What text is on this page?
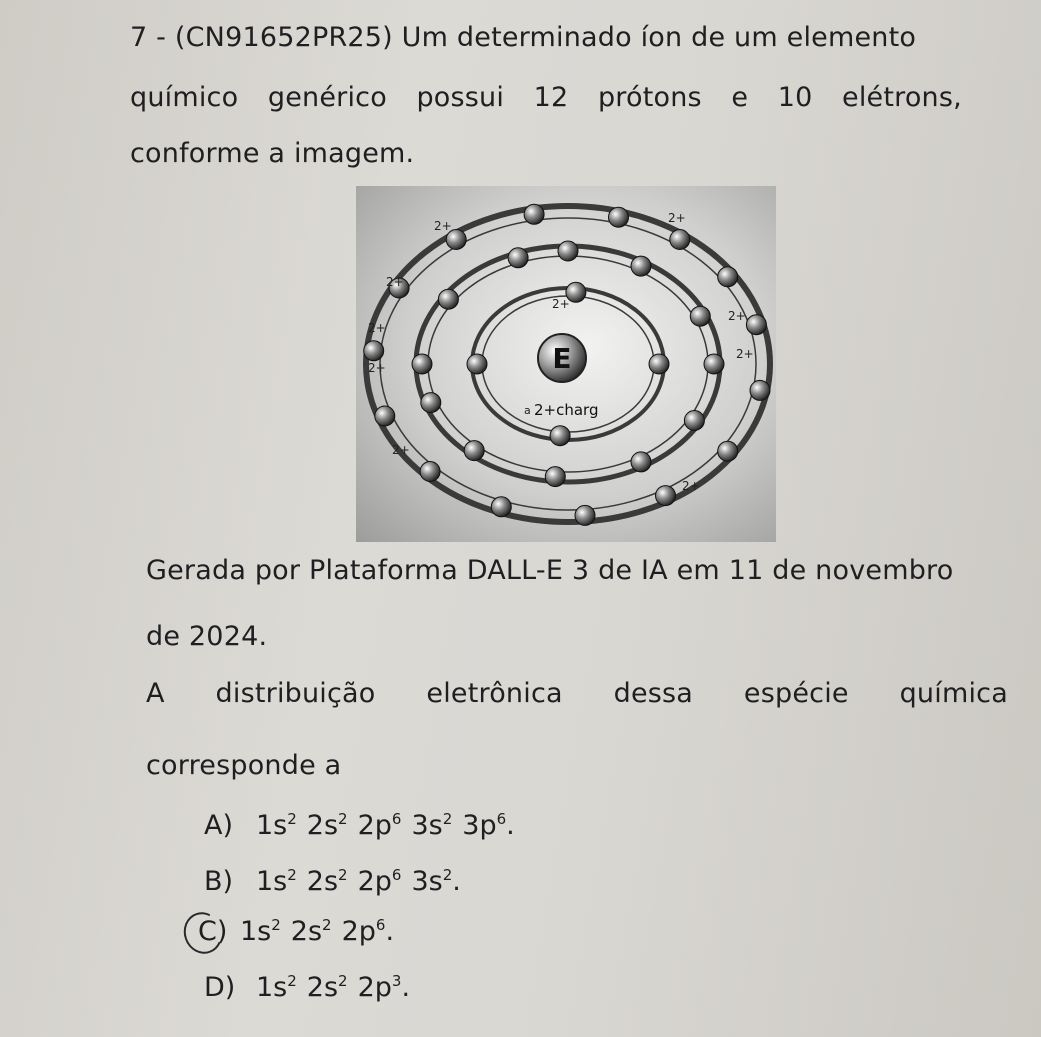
7 - (CN91652PR25) Um determinado íon de um elemento
químico genérico possui 12 prótons e 10 elétrons,
conforme a imagem.
E
a 2+charg
2+
2+
2+
2+
2+
2+
2+
2+
2+
2+
Gerada por Plataforma DALL-E 3 de IA em 11 de novembro
de 2024.
A distribuição eletrônica dessa espécie química
corresponde a
A) $1s^2$ $2s^2$ $2p^6$ $3s^2$ $3p^6$.
B) $1s^2$ $2s^2$ $2p^6$ $3s^2$.
C) $1s^2$ $2s^2$ $2p^6$.
D) $1s^2$ $2s^2$ $2p^3$.
